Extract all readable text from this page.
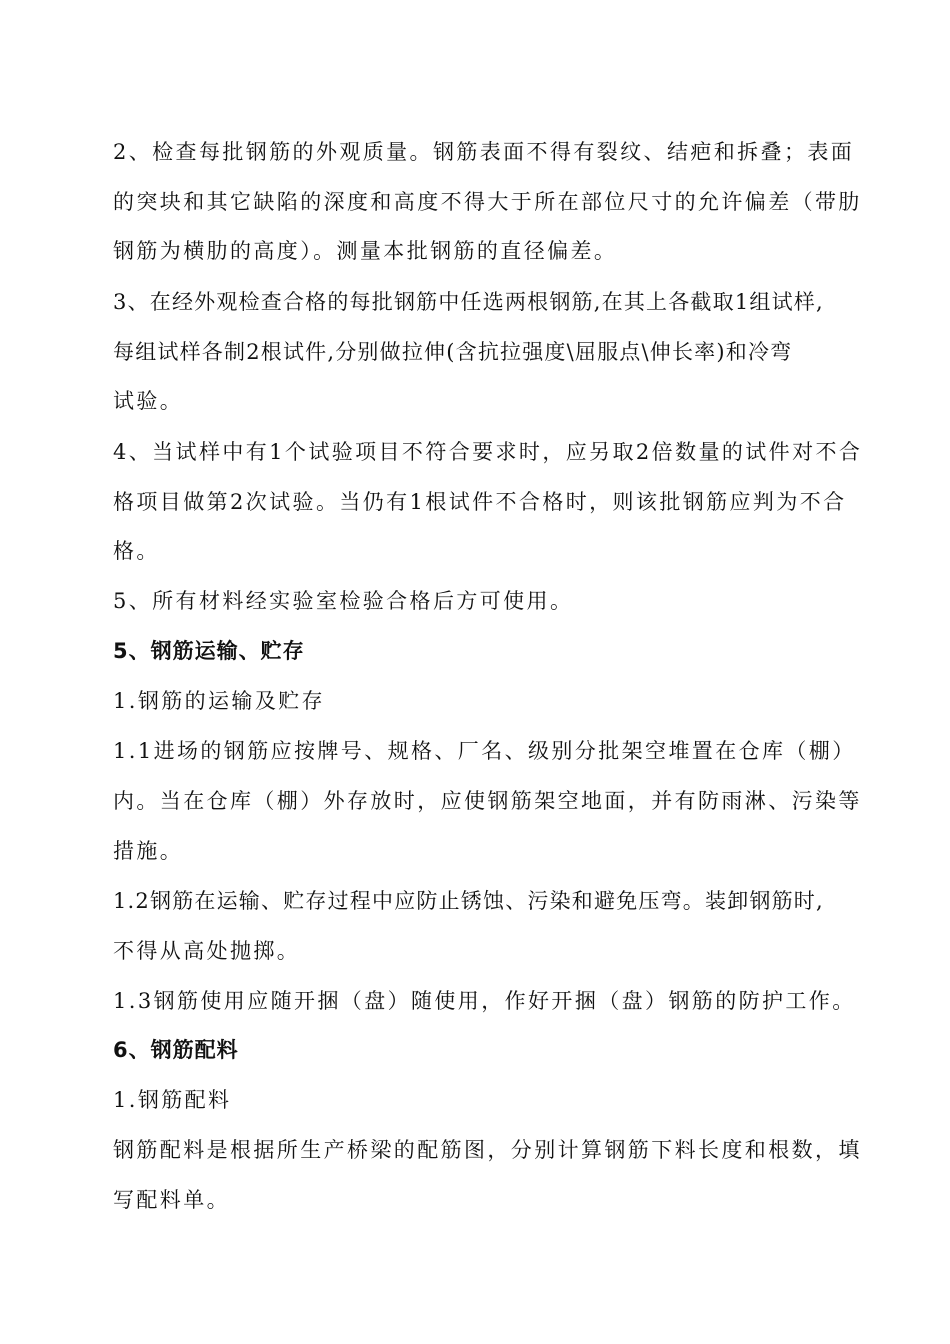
2、检查每批钢筋的外观质量。钢筋表面不得有裂纹、结疤和拆叠；表面
的突块和其它缺陷的深度和高度不得大于所在部位尺寸的允许偏差（带肋
钢筋为横肋的高度）。测量本批钢筋的直径偏差。
3、在经外观检查合格的每批钢筋中任选两根钢筋,在其上各截取1组试样,
每组试样各制2根试件,分别做拉伸(含抗拉强度\屈服点\伸长率)和冷弯
试验。
4、当试样中有1个试验项目不符合要求时，应另取2倍数量的试件对不合
格项目做第2次试验。当仍有1根试件不合格时，则该批钢筋应判为不合
格。
5、所有材料经实验室检验合格后方可使用。
5、钢筋运输、贮存
1.钢筋的运输及贮存
1.1进场的钢筋应按牌号、规格、厂名、级别分批架空堆置在仓库（棚）
内。当在仓库（棚）外存放时，应使钢筋架空地面，并有防雨淋、污染等
措施。
1.2钢筋在运输、贮存过程中应防止锈蚀、污染和避免压弯。装卸钢筋时,
不得从高处抛掷。
1.3钢筋使用应随开捆（盘）随使用，作好开捆（盘）钢筋的防护工作。
6、钢筋配料
1.钢筋配料
钢筋配料是根据所生产桥梁的配筋图，分别计算钢筋下料长度和根数，填
写配料单。
